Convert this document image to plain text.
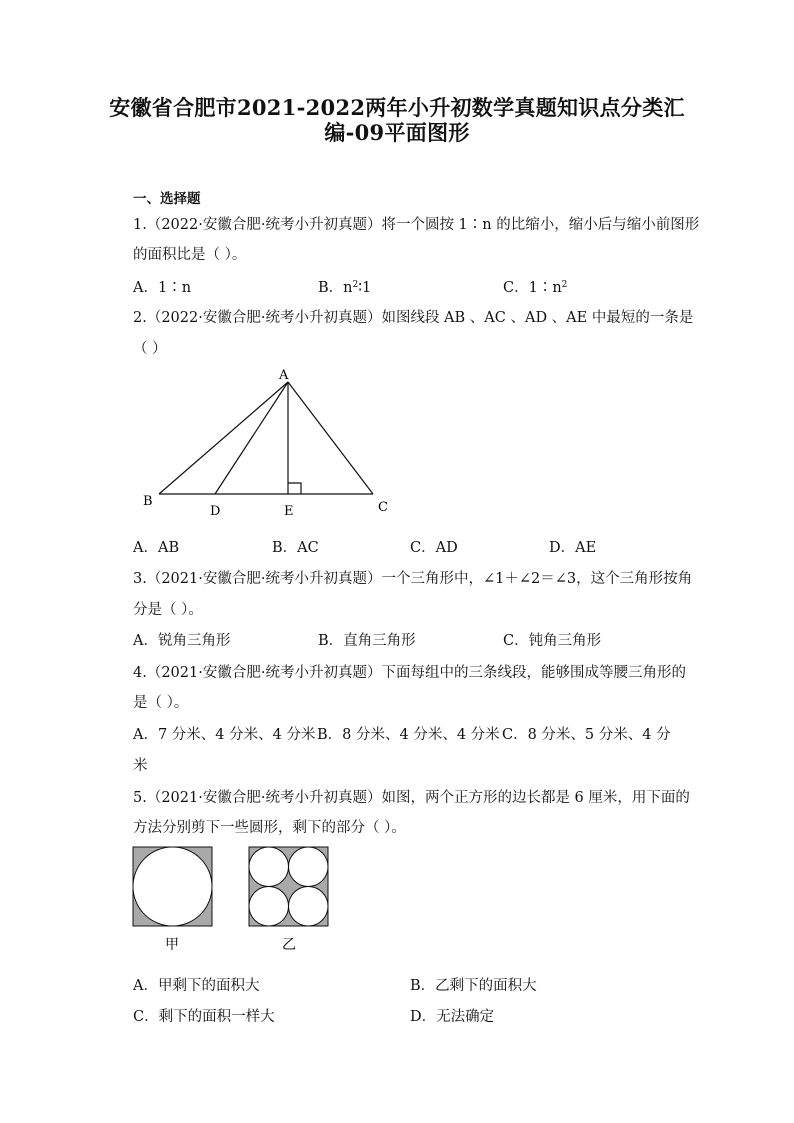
安徽省合肥市2021-2022两年小升初数学真题知识点分类汇
编-09平面图形
一、选择题
1.（2022·安徽合肥·统考小升初真题）将一个圆按 1∶n 的比缩小，缩小后与缩小前图形
的面积比是（ ）。
A．1∶n	B．$n^2∶1$	C．$1∶n^2$
2.（2022·安徽合肥·统考小升初真题）如图线段 AB 、AC 、AD 、AE 中最短的一条是
（ ）
A
B	C
D	E
A．AB	B．AC	C．AD	D．AE
3.（2021·安徽合肥·统考小升初真题）一个三角形中，∠1＋∠2＝∠3，这个三角形按角
分是（ ）。
A．锐角三角形	B．直角三角形	C．钝角三角形
4.（2021·安徽合肥·统考小升初真题）下面每组中的三条线段，能够围成等腰三角形的
是（ ）。
A．7 分米、4 分米、4 分米 B．8 分米、4 分米、4 分米 C．8 分米、5 分米、4 分
米
5.（2021·安徽合肥·统考小升初真题）如图，两个正方形的边长都是 6 厘米，用下面的
方法分别剪下一些圆形，剩下的部分（ ）。
甲	乙
A．甲剩下的面积大	B．乙剩下的面积大
C．剩下的面积一样大	D．无法确定
